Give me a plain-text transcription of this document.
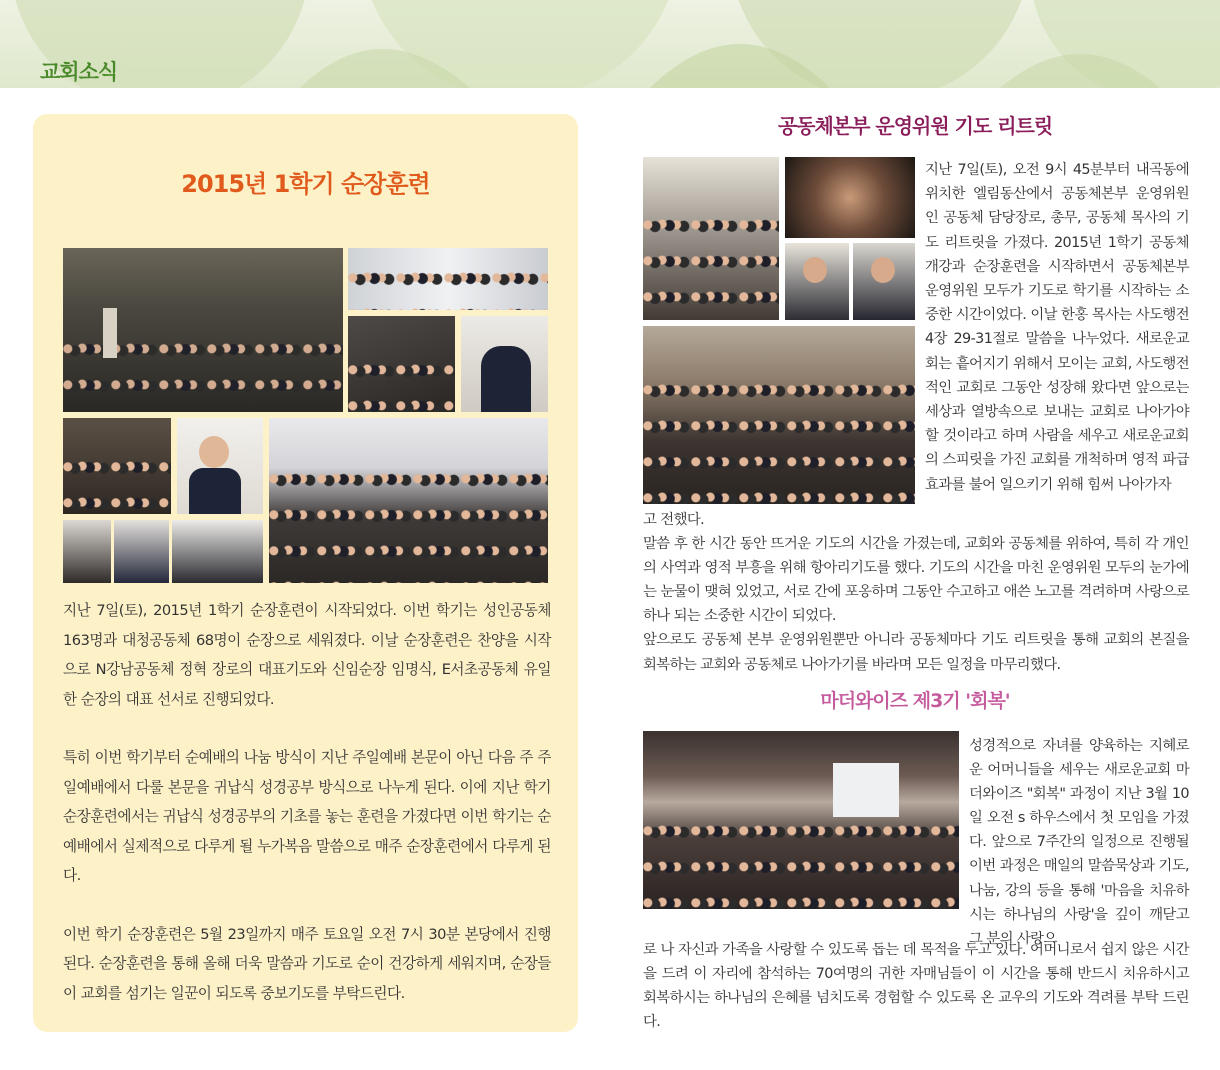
교회소식
2015년 1학기 순장훈련

지난 7일(토), 2015년 1학기 순장훈련이 시작되었다. 이번 학기는 성인공동체 163명과 대청공동체 68명이 순장으로 세워졌다. 이날 순장훈련은 찬양을 시작으로 N강남공동체 정혁 장로의 대표기도와 신임순장 임명식, E서초공동체 유일한 순장의 대표 선서로 진행되었다.

특히 이번 학기부터 순예배의 나눔 방식이 지난 주일예배 본문이 아닌 다음 주 주일예배에서 다룰 본문을 귀납식 성경공부 방식으로 나누게 된다. 이에 지난 학기 순장훈련에서는 귀납식 성경공부의 기초를 놓는 훈련을 가졌다면 이번 학기는 순예배에서 실제적으로 다루게 될 누가복음 말씀으로 매주 순장훈련에서 다루게 된다.

이번 학기 순장훈련은 5월 23일까지 매주 토요일 오전 7시 30분 본당에서 진행된다. 순장훈련을 통해 올해 더욱 말씀과 기도로 순이 건강하게 세워지며, 순장들이 교회를 섬기는 일꾼이 되도록 중보기도를 부탁드린다.

공동체본부 운영위원 기도 리트릿

지난 7일(토), 오전 9시 45분부터 내곡동에 위치한 엘림동산에서 공동체본부 운영위원인 공동체 담당장로, 총무, 공동체 목사의 기도 리트릿을 가졌다. 2015년 1학기 공동체 개강과 순장훈련을 시작하면서 공동체본부 운영위원 모두가 기도로 학기를 시작하는 소중한 시간이었다. 이날 한홍 목사는 사도행전 4장 29-31절로 말씀을 나누었다. 새로운교회는 흩어지기 위해서 모이는 교회, 사도행전적인 교회로 그동안 성장해 왔다면 앞으로는 세상과 열방속으로 보내는 교회로 나아가야 할 것이라고 하며 사람을 세우고 새로운교회의 스피릿을 가진 교회를 개척하며 영적 파급효과를 불어 일으키기 위해 힘써 나아가자

고 전했다.

말씀 후 한 시간 동안 뜨거운 기도의 시간을 가졌는데, 교회와 공동체를 위하여, 특히 각 개인의 사역과 영적 부흥을 위해 항아리기도를 했다. 기도의 시간을 마친 운영위원 모두의 눈가에는 눈물이 맺혀 있었고, 서로 간에 포옹하며 그동안 수고하고 애쓴 노고를 격려하며 사랑으로 하나 되는 소중한 시간이 되었다.

앞으로도 공동체 본부 운영위원뿐만 아니라 공동체마다 기도 리트릿을 통해 교회의 본질을 회복하는 교회와 공동체로 나아가기를 바라며 모든 일정을 마무리했다.

마더와이즈 제3기 '회복'

성경적으로 자녀를 양육하는 지혜로운 어머니들을 세우는 새로운교회 마더와이즈 "회복" 과정이 지난 3월 10일 오전 s 하우스에서 첫 모임을 가졌다. 앞으로 7주간의 일정으로 진행될 이번 과정은 매일의 말씀묵상과 기도, 나눔, 강의 등을 통해 '마음을 치유하시는 하나님의 사랑'을 깊이 깨닫고 그 분의 사랑으

로 나 자신과 가족을 사랑할 수 있도록 돕는 데 목적을 두고 있다. 어머니로서 쉽지 않은 시간을 드려 이 자리에 참석하는 70여명의 귀한 자매님들이 이 시간을 통해 반드시 치유하시고 회복하시는 하나님의 은혜를 넘치도록 경험할 수 있도록 온 교우의 기도와 격려를 부탁 드린다.
